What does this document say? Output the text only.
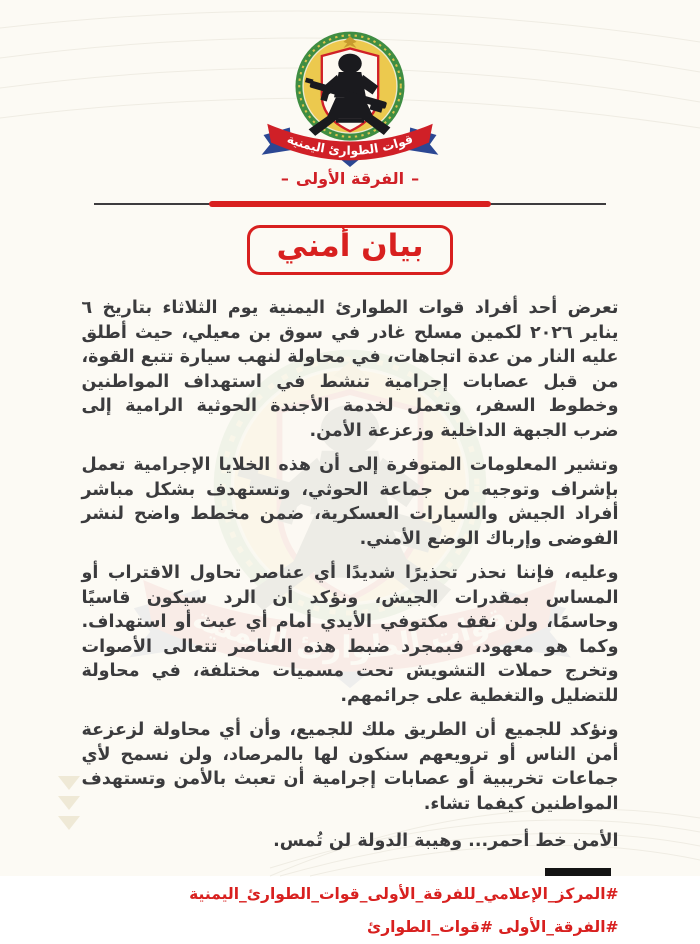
قوات الطوارئ اليمنية
–الفرقة الأولى–
بيان أمني

تعرض أحد أفراد قوات الطوارئ اليمنية يوم الثلاثاء بتاريخ ٦ يناير ٢٠٢٦ لكمين مسلح غادر في سوق بن معيلي، حيث أطلق عليه النار من عدة اتجاهات، في محاولة لنهب سيارة تتبع القوة، من قبل عصابات إجرامية تنشط في استهداف المواطنين وخطوط السفر، وتعمل لخدمة الأجندة الحوثية الرامية إلى ضرب الجبهة الداخلية وزعزعة الأمن.

وتشير المعلومات المتوفرة إلى أن هذه الخلايا الإجرامية تعمل بإشراف وتوجيه من جماعة الحوثي، وتستهدف بشكل مباشر أفراد الجيش والسيارات العسكرية، ضمن مخطط واضح لنشر الفوضى وإرباك الوضع الأمني.

وعليه، فإننا نحذر تحذيرًا شديدًا أي عناصر تحاول الاقتراب أو المساس بمقدرات الجيش، ونؤكد أن الرد سيكون قاسيًا وحاسمًا، ولن نقف مكتوفي الأيدي أمام أي عبث أو استهداف. وكما هو معهود، فبمجرد ضبط هذه العناصر تتعالى الأصوات وتخرج حملات التشويش تحت مسميات مختلفة، في محاولة للتضليل والتغطية على جرائمهم.

ونؤكد للجميع أن الطريق ملك للجميع، وأن أي محاولة لزعزعة أمن الناس أو ترويعهم سنكون لها بالمرصاد، ولن نسمح لأي جماعات تخريبية أو عصابات إجرامية أن تعبث بالأمن وتستهدف المواطنين كيفما تشاء.

الأمن خط أحمر... وهيبة الدولة لن تُمس.
#المركز_الإعلامي_للفرقة_الأولى_قوات_الطوارئ_اليمنية
#الفرقة_الأولى #قوات_الطوارئ
